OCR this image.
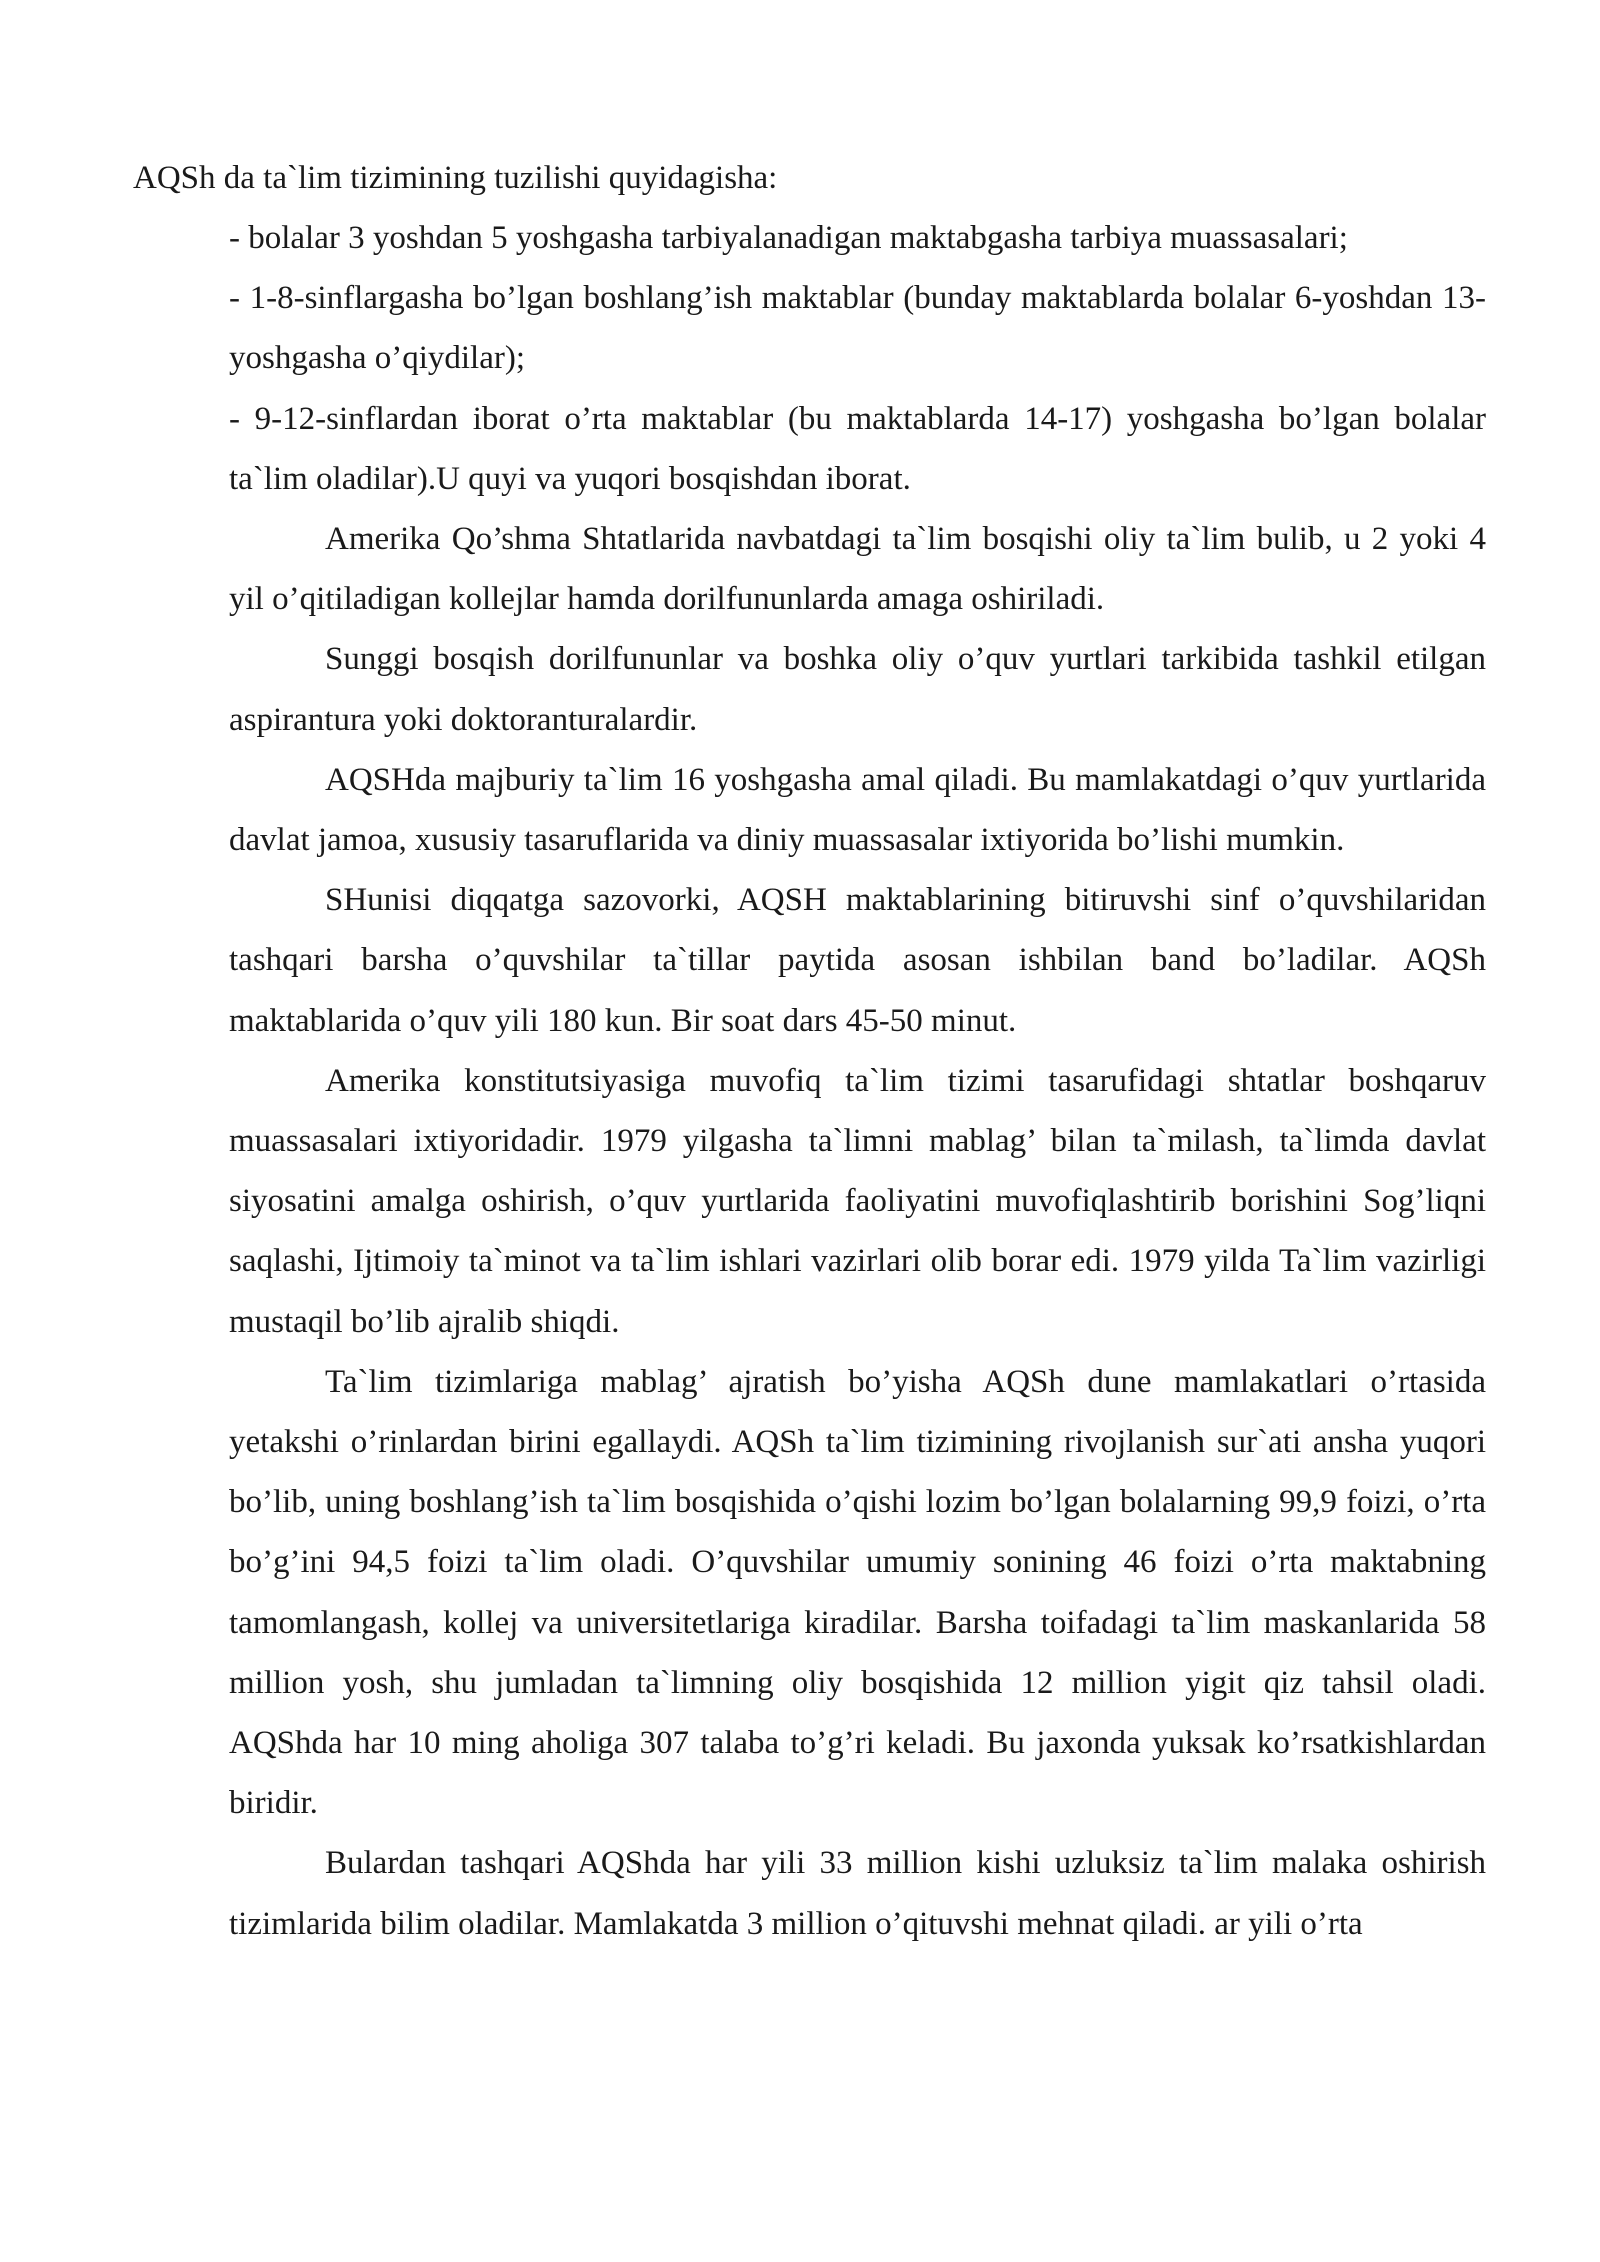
AQSh da ta`lim tizimining tuzilishi quyidagisha:

- bolalar 3 yoshdan 5 yoshgasha tarbiyalanadigan maktabgasha tarbiya muassasalari;

- 1-8-sinflargasha bo’lgan boshlang’ish maktablar (bunday maktablarda bolalar 6-yoshdan 13- yoshgasha o’qiydilar);

- 9-12-sinflardan iborat o’rta maktablar (bu maktablarda 14-17) yoshgasha bo’lgan bolalar ta`lim oladilar).U quyi va yuqori bosqishdan iborat.

Amerika Qo’shma Shtatlarida navbatdagi ta`lim bosqishi oliy ta`lim bulib, u 2 yoki 4 yil o’qitiladigan kollejlar hamda dorilfununlarda amaga oshiriladi.

Sunggi bosqish dorilfununlar va boshka oliy o’quv yurtlari tarkibida tashkil etilgan aspirantura yoki doktoranturalardir.

AQSHda majburiy ta`lim 16 yoshgasha amal qiladi. Bu mamlakatdagi o’quv yurtlarida davlat jamoa, xususiy tasaruflarida va diniy muassasalar ixtiyorida bo’lishi mumkin.

SHunisi diqqatga sazovorki, AQSH maktablarining bitiruvshi sinf o’quvshilaridan tashqari barsha o’quvshilar ta`tillar paytida asosan ishbilan band bo’ladilar. AQSh maktablarida o’quv yili 180 kun. Bir soat dars 45-50 minut.

Amerika konstitutsiyasiga muvofiq ta`lim tizimi tasarufidagi shtatlar boshqaruv muassasalari ixtiyoridadir. 1979 yilgasha ta`limni mablag’ bilan ta`milash, ta`limda davlat siyosatini amalga oshirish, o’quv yurtlarida faoliyatini muvofiqlashtirib borishini Sog’liqni saqlashi, Ijtimoiy ta`minot va ta`lim ishlari vazirlari olib borar edi. 1979 yilda Ta`lim vazirligi mustaqil bo’lib ajralib shiqdi.

Ta`lim tizimlariga mablag’ ajratish bo’yisha AQSh dune mamlakatlari o’rtasida yetakshi o’rinlardan birini egallaydi. AQSh ta`lim tizimining rivojlanish sur`ati ansha yuqori bo’lib, uning boshlang’ish ta`lim bosqishida o’qishi lozim bo’lgan bolalarning 99,9 foizi, o’rta bo’g’ini 94,5 foizi ta`lim oladi. O’quvshilar umumiy sonining 46 foizi o’rta maktabning tamomlangash, kollej va universitetlariga kiradilar. Barsha toifadagi ta`lim maskanlarida 58 million yosh, shu jumladan ta`limning oliy bosqishida 12 million yigit qiz tahsil oladi. AQShda har 10 ming aholiga 307 talaba to’g’ri keladi. Bu jaxonda yuksak ko’rsatkishlardan biridir.

Bulardan tashqari AQShda har yili 33 million kishi uzluksiz ta`lim malaka oshirish tizimlarida bilim oladilar. Mamlakatda 3 million o’qituvshi mehnat qiladi. ar yili o’rta
